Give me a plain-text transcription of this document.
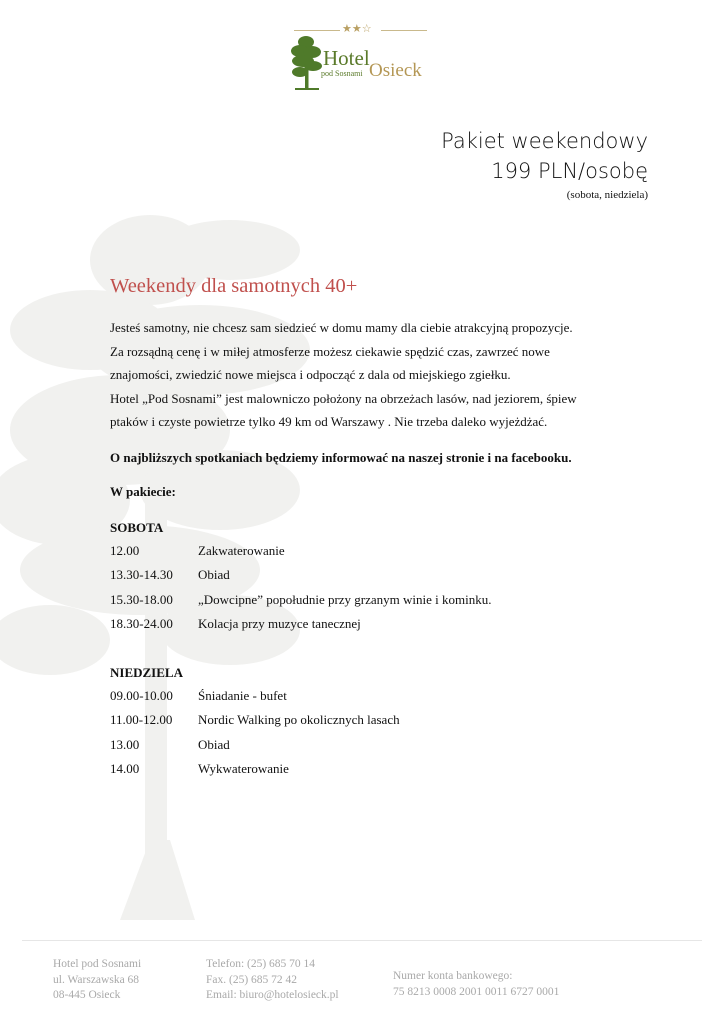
★★☆
Hotel
pod Sosnami Osieck
Pakiet weekendowy
199 PLN/osobę
(sobota, niedziela)
Weekendy dla samotnych 40+

Jesteś samotny, nie chcesz sam siedzieć w domu mamy dla ciebie atrakcyjną propozycje.

Za rozsądną cenę i w miłej atmosferze możesz ciekawie spędzić czas, zawrzeć nowe

znajomości, zwiedzić nowe miejsca i odpocząć z dala od miejskiego zgiełku.

Hotel „Pod Sosnami” jest malowniczo położony na obrzeżach lasów, nad jeziorem, śpiew

ptaków i czyste powietrze tylko 49 km od Warszawy . Nie trzeba daleko wyjeżdżać.

O najbliższych spotkaniach będziemy informować na naszej stronie i na facebooku.
W pakiecie:
SOBOTA
12.00	Zakwaterowanie
13.30-14.30	Obiad
15.30-18.00	„Dowcipne” popołudnie przy grzanym winie i kominku.
18.30-24.00	Kolacja przy muzyce tanecznej
NIEDZIELA
09.00-10.00	Śniadanie - bufet
11.00-12.00	Nordic Walking po okolicznych lasach
13.00	Obiad
14.00	Wykwaterowanie
Hotel pod Sosnami
ul. Warszawska 68
08-445 Osieck
Telefon: (25) 685 70 14
Fax. (25) 685 72 42
Email: biuro@hotelosieck.pl
Numer konta bankowego:
75 8213 0008 2001 0011 6727 0001
